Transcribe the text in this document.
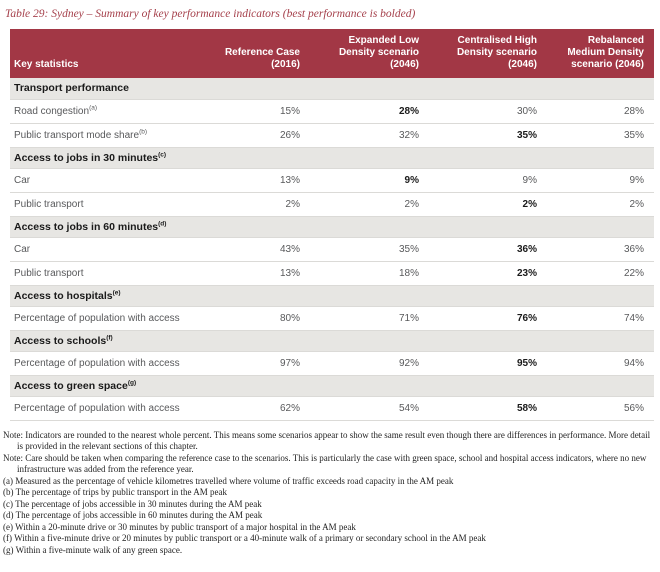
Table 29: Sydney – Summary of key performance indicators (best performance is bolded)
Key statistics	Reference Case (2016)	Expanded Low Density scenario (2046)	Centralised High Density scenario (2046)	Rebalanced Medium Density scenario (2046)
Transport performance				
Road congestion$^{(a)}$	15%	28%	30%	28%
Public transport mode share$^{(b)}$	26%	32%	35%	35%
Access to jobs in 30 minutes$^{(c)}$
Car	13%	9%	9%	9%
Public transport	2%	2%	2%	2%
Access to jobs in 60 minutes$^{(d)}$
Car	43%	35%	36%	36%
Public transport	13%	18%	23%	22%
Access to hospitals$^{(e)}$
Percentage of population with access	80%	71%	76%	74%
Access to schools$^{(f)}$
Percentage of population with access	97%	92%	95%	94%
Access to green space$^{(g)}$
Percentage of population with access	62%	54%	58%	56%

Note: Indicators are rounded to the nearest whole percent. This means some scenarios appear to show the same result even though there are differences in performance. More detail is provided in the relevant sections of this chapter.

Note: Care should be taken when comparing the reference case to the scenarios. This is particularly the case with green space, school and hospital access indicators, where no new infrastructure was added from the reference year.

(a) Measured as the percentage of vehicle kilometres travelled where volume of traffic exceeds road capacity in the AM peak

(b) The percentage of trips by public transport in the AM peak

(c) The percentage of jobs accessible in 30 minutes during the AM peak

(d) The percentage of jobs accessible in 60 minutes during the AM peak

(e) Within a 20-minute drive or 30 minutes by public transport of a major hospital in the AM peak

(f) Within a five-minute drive or 20 minutes by public transport or a 40-minute walk of a primary or secondary school in the AM peak

(g) Within a five-minute walk of any green space.
